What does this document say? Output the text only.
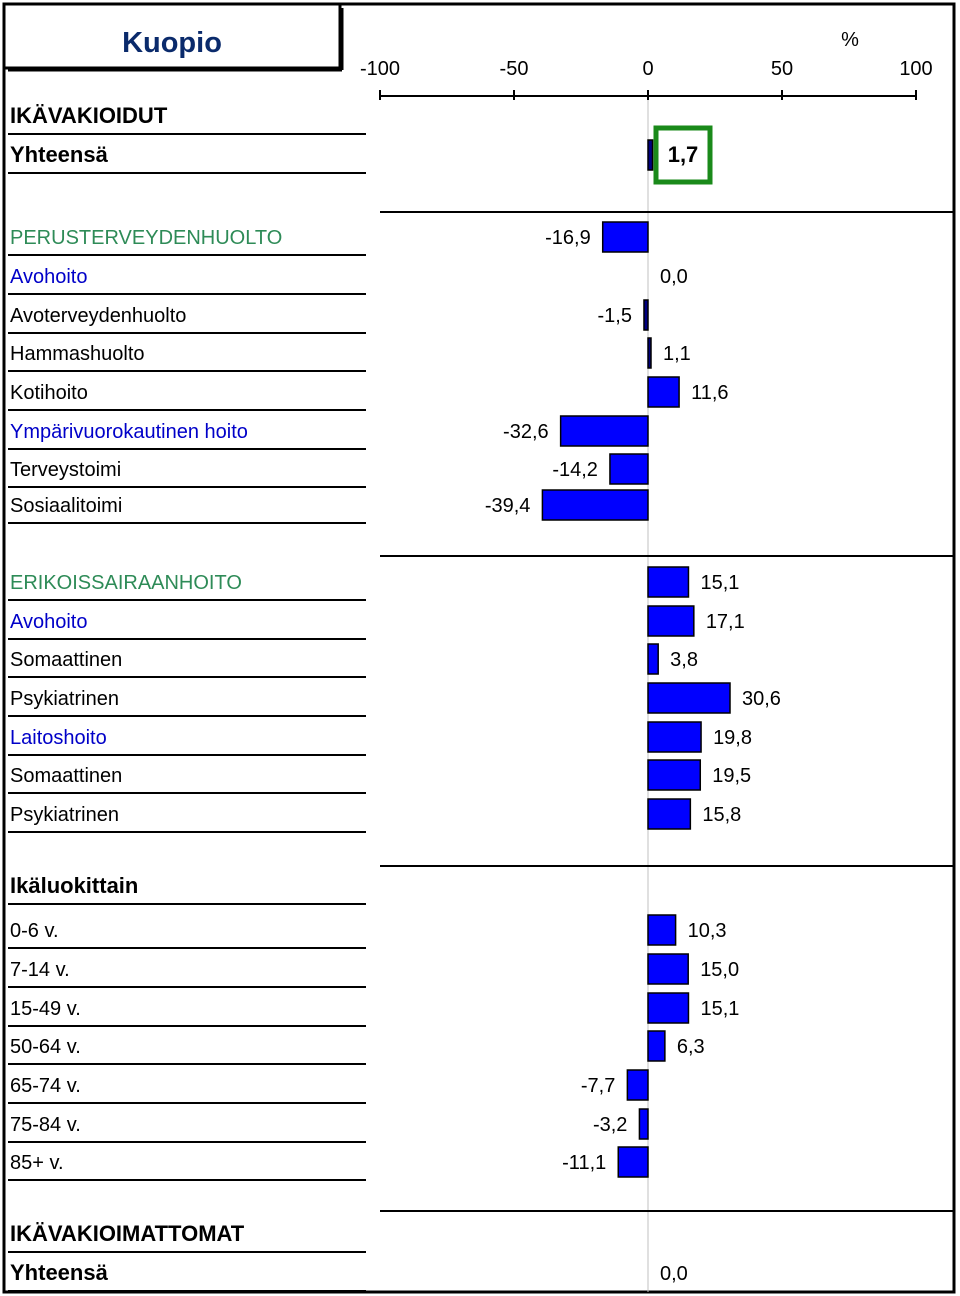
Kuopio	%
-100	-50	0	50	100
IKÄVAKIOIDUT
Yhteensä	1,7
PERUSTERVEYDENHUOLTO	-16,9
Avohoito	0,0
Avoterveydenhuolto	-1,5
Hammashuolto	1,1
Kotihoito	11,6
Ympärivuorokautinen hoito	-32,6
Terveystoimi	-14,2
Sosiaalitoimi	-39,4
ERIKOISSAIRAANHOITO	15,1
Avohoito	17,1
Somaattinen	3,8
Psykiatrinen	30,6
Laitoshoito	19,8
Somaattinen	19,5
Psykiatrinen	15,8
Ikäluokittain
0-6 v.	10,3
7-14 v.	15,0
15-49 v.	15,1
50-64 v.	6,3
65-74 v.	-7,7
75-84 v.	-3,2
85+ v.	-11,1
IKÄVAKIOIMATTOMAT
Yhteensä	0,0
